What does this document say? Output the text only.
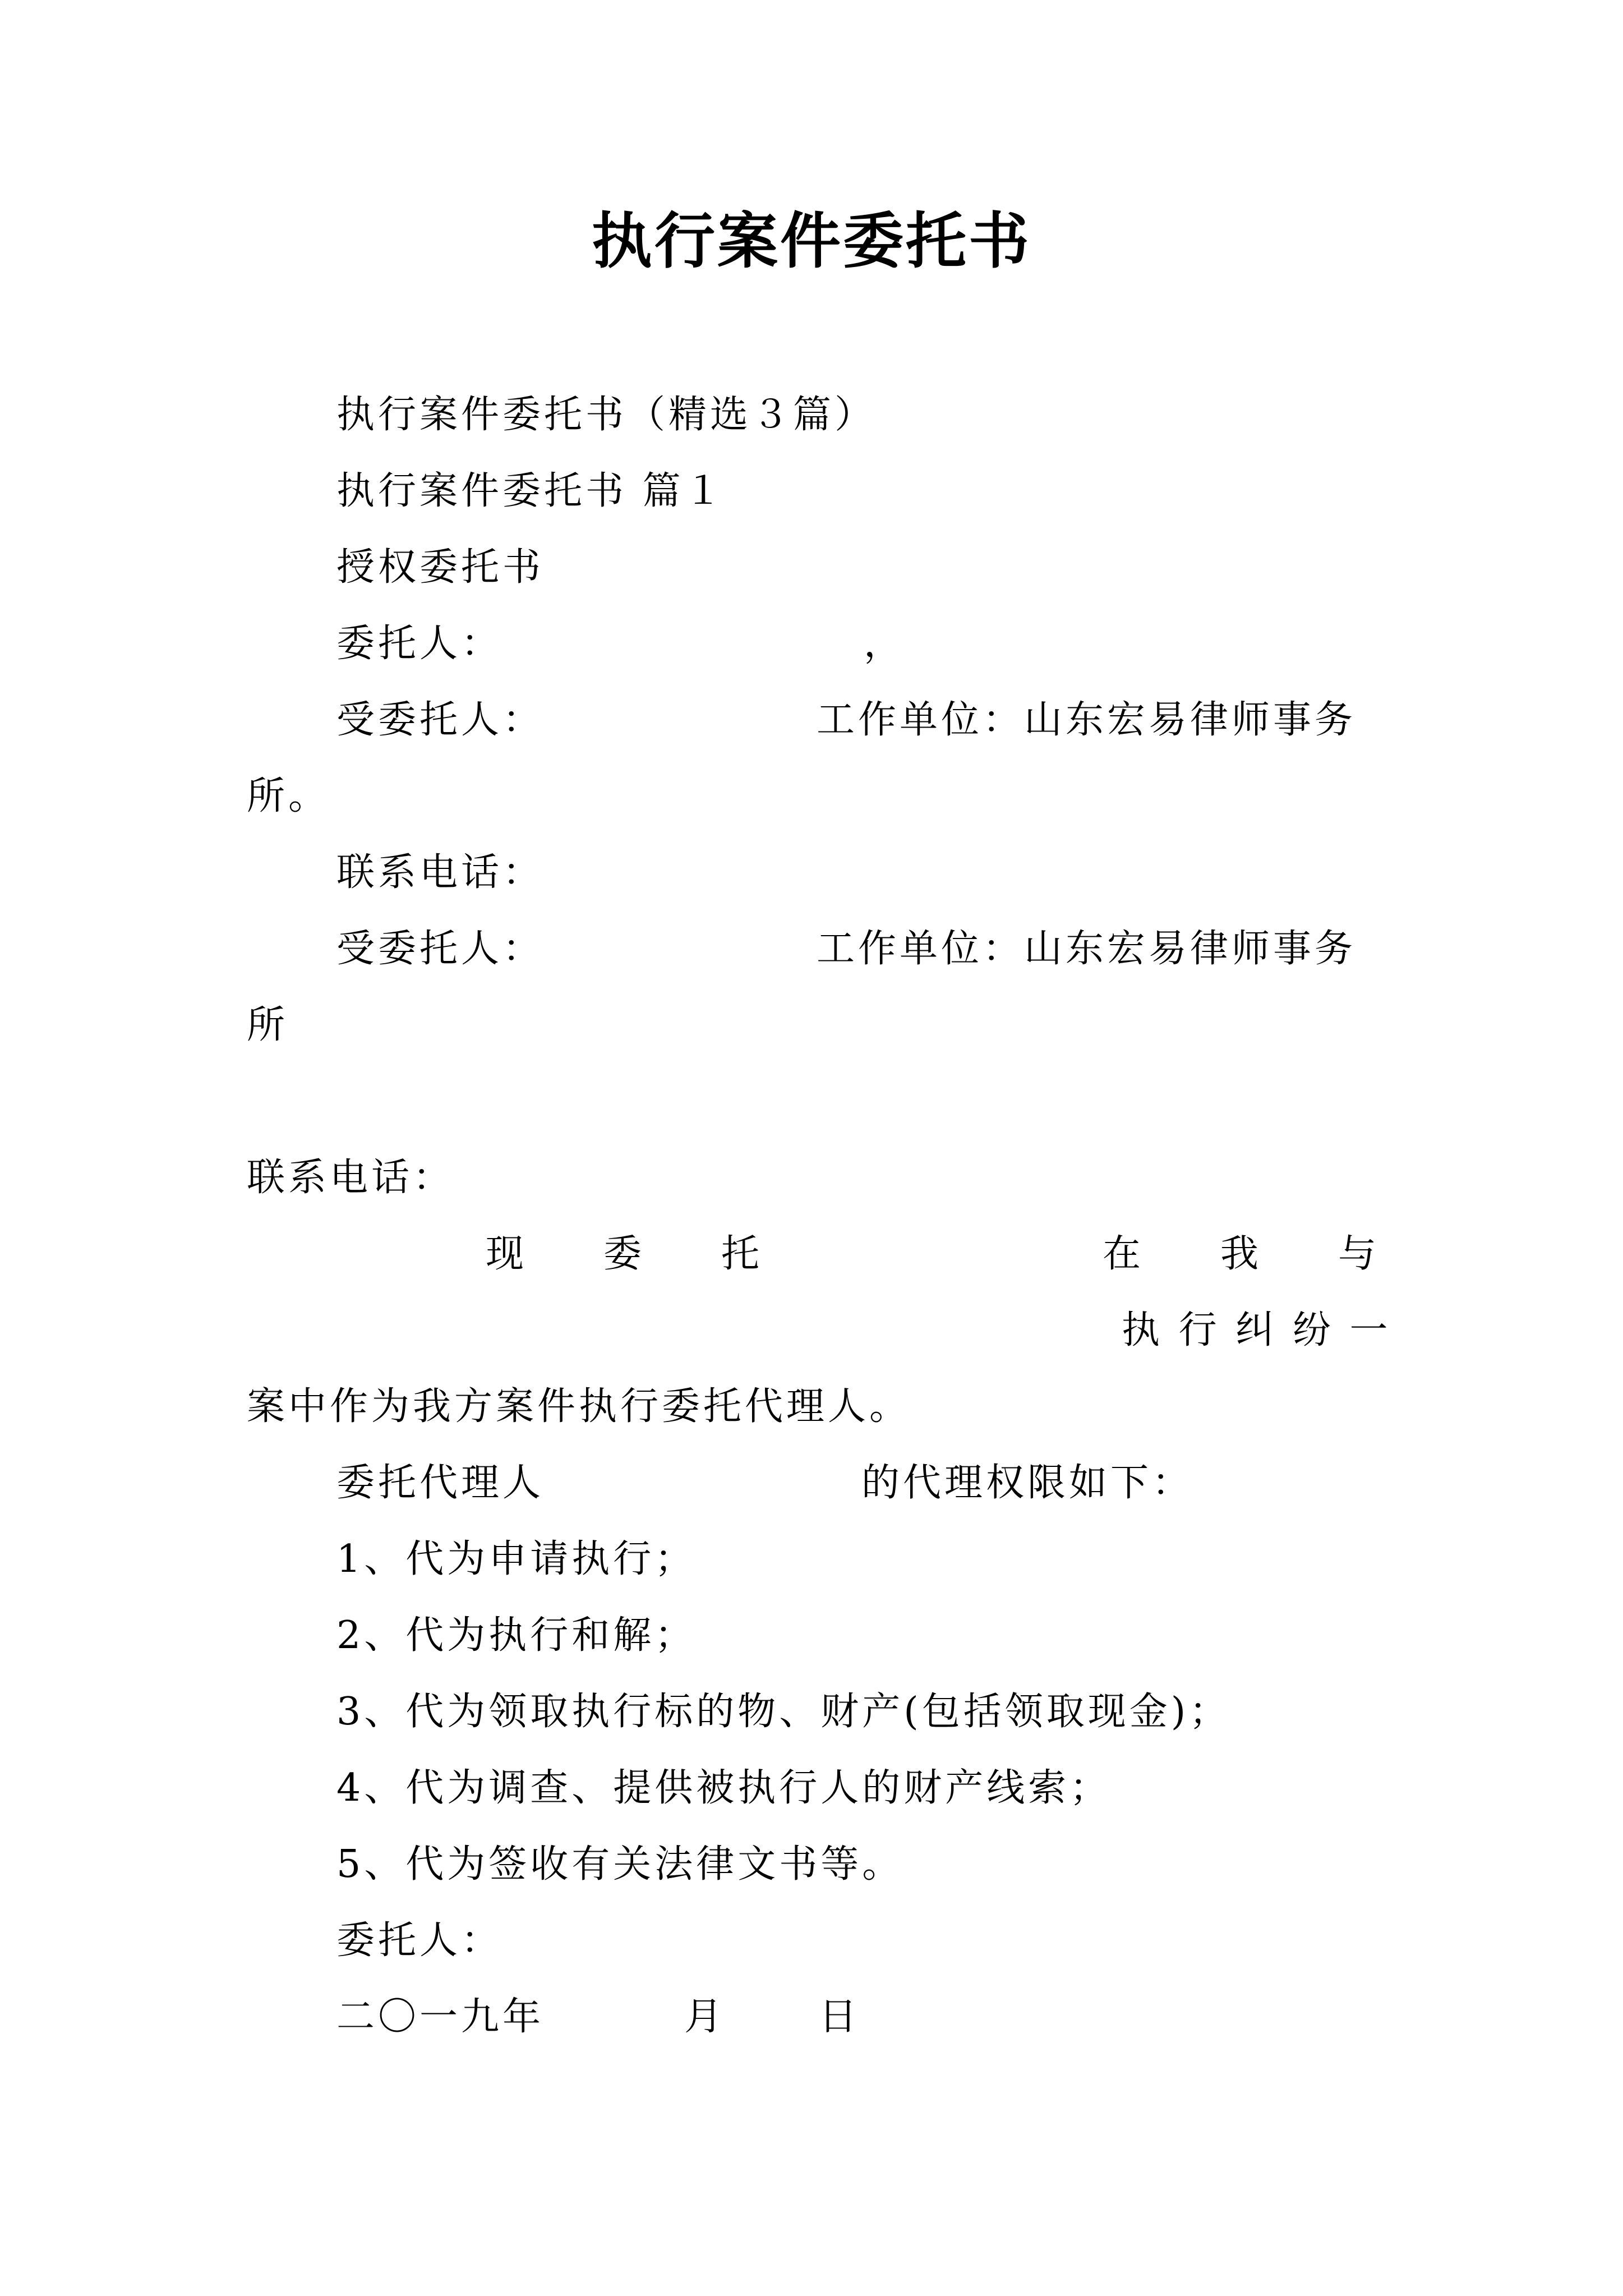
执行案件委托书
执行案件委托书（精选３篇）
执行案件委托书 篇１
授权委托书
委托人：	，
受委托人：	工作单位：山东宏易律师事务
所。
联系电话：
受委托人：	工作单位：山东宏易律师事务
所
联系电话：
现 委 托	在 我 与
执 行 纠 纷 一
案中作为我方案件执行委托代理人。
委托代理人	的代理权限如下：
1、代为申请执行；
2、代为执行和解；
3、代为领取执行标的物、财产(包括领取现金)；
4、代为调查、提供被执行人的财产线索；
5、代为签收有关法律文书等。
委托人：
二〇一九年	月 日
